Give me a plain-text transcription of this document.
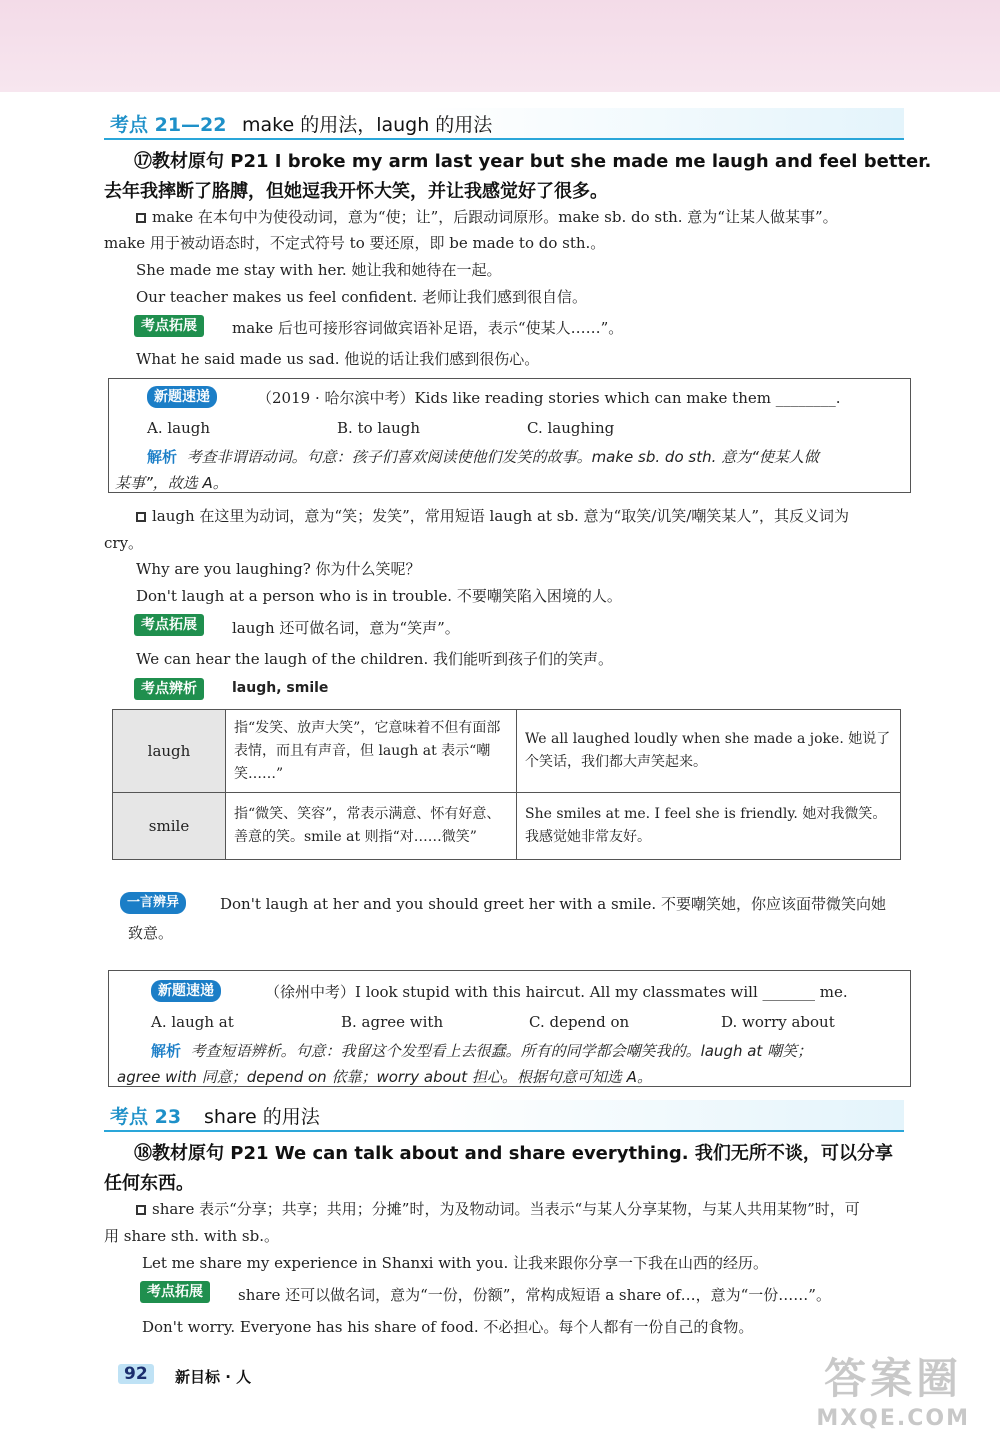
考点 21—22 make 的用法，laugh 的用法
⑰教材原句 P21 I broke my arm last year but she made me laugh and feel better.
去年我摔断了胳膊，但她逗我开怀大笑，并让我感觉好了很多。
make 在本句中为使役动词，意为“使；让”，后跟动词原形。make sb. do sth. 意为“让某人做某事”。
make 用于被动语态时，不定式符号 to 要还原，即 be made to do sth.。
She made me stay with her. 她让我和她待在一起。
Our teacher makes us feel confident. 老师让我们感到很自信。
考点拓展	make 后也可接形容词做宾语补足语，表示“使某人……”。
What he said made us sad. 他说的话让我们感到很伤心。
新题速递	（2019 · 哈尔滨中考）Kids like reading stories which can make them ________.
A. laugh	B. to laugh	C. laughing
解析 考查非谓语动词。句意：孩子们喜欢阅读使他们发笑的故事。make sb. do sth. 意为“使某人做
某事”，故选 A。
laugh 在这里为动词，意为“笑；发笑”，常用短语 laugh at sb. 意为“取笑/讥笑/嘲笑某人”，其反义词为
cry。
Why are you laughing? 你为什么笑呢？
Don't laugh at a person who is in trouble. 不要嘲笑陷入困境的人。
考点拓展	laugh 还可做名词，意为“笑声”。
We can hear the laugh of the children. 我们能听到孩子们的笑声。
考点辨析	laugh, smile
laugh	指“发笑、放声大笑”，它意味着不但有面部表情，而且有声音，但 laugh at 表示“嘲笑……”	We all laughed loudly when she made a joke. 她说了个笑话，我们都大声笑起来。
smile	指“微笑、笑容”，常表示满意、怀有好意、善意的笑。smile at 则指“对……微笑”	She smiles at me. I feel she is friendly. 她对我微笑。我感觉她非常友好。
一言辨异	Don't laugh at her and you should greet her with a smile. 不要嘲笑她，你应该面带微笑向她
致意。
新题速递	（徐州中考）I look stupid with this haircut. All my classmates will _______ me.
A. laugh at	B. agree with	C. depend on	D. worry about
解析 考查短语辨析。句意：我留这个发型看上去很蠢。所有的同学都会嘲笑我的。laugh at 嘲笑；
agree with 同意；depend on 依靠；worry about 担心。根据句意可知选 A。
考点 23 share 的用法
⑱教材原句 P21 We can talk about and share everything. 我们无所不谈，可以分享
任何东西。
share 表示“分享；共享；共用；分摊”时，为及物动词。当表示“与某人分享某物，与某人共用某物”时，可
用 share sth. with sb.。
Let me share my experience in Shanxi with you. 让我来跟你分享一下我在山西的经历。
考点拓展	share 还可以做名词，意为“一份，份额”，常构成短语 a share of…，意为“一份……”。
Don't worry. Everyone has his share of food. 不必担心。每个人都有一份自己的食物。
92	新目标 · 人	答案圈
MXQE.COM
